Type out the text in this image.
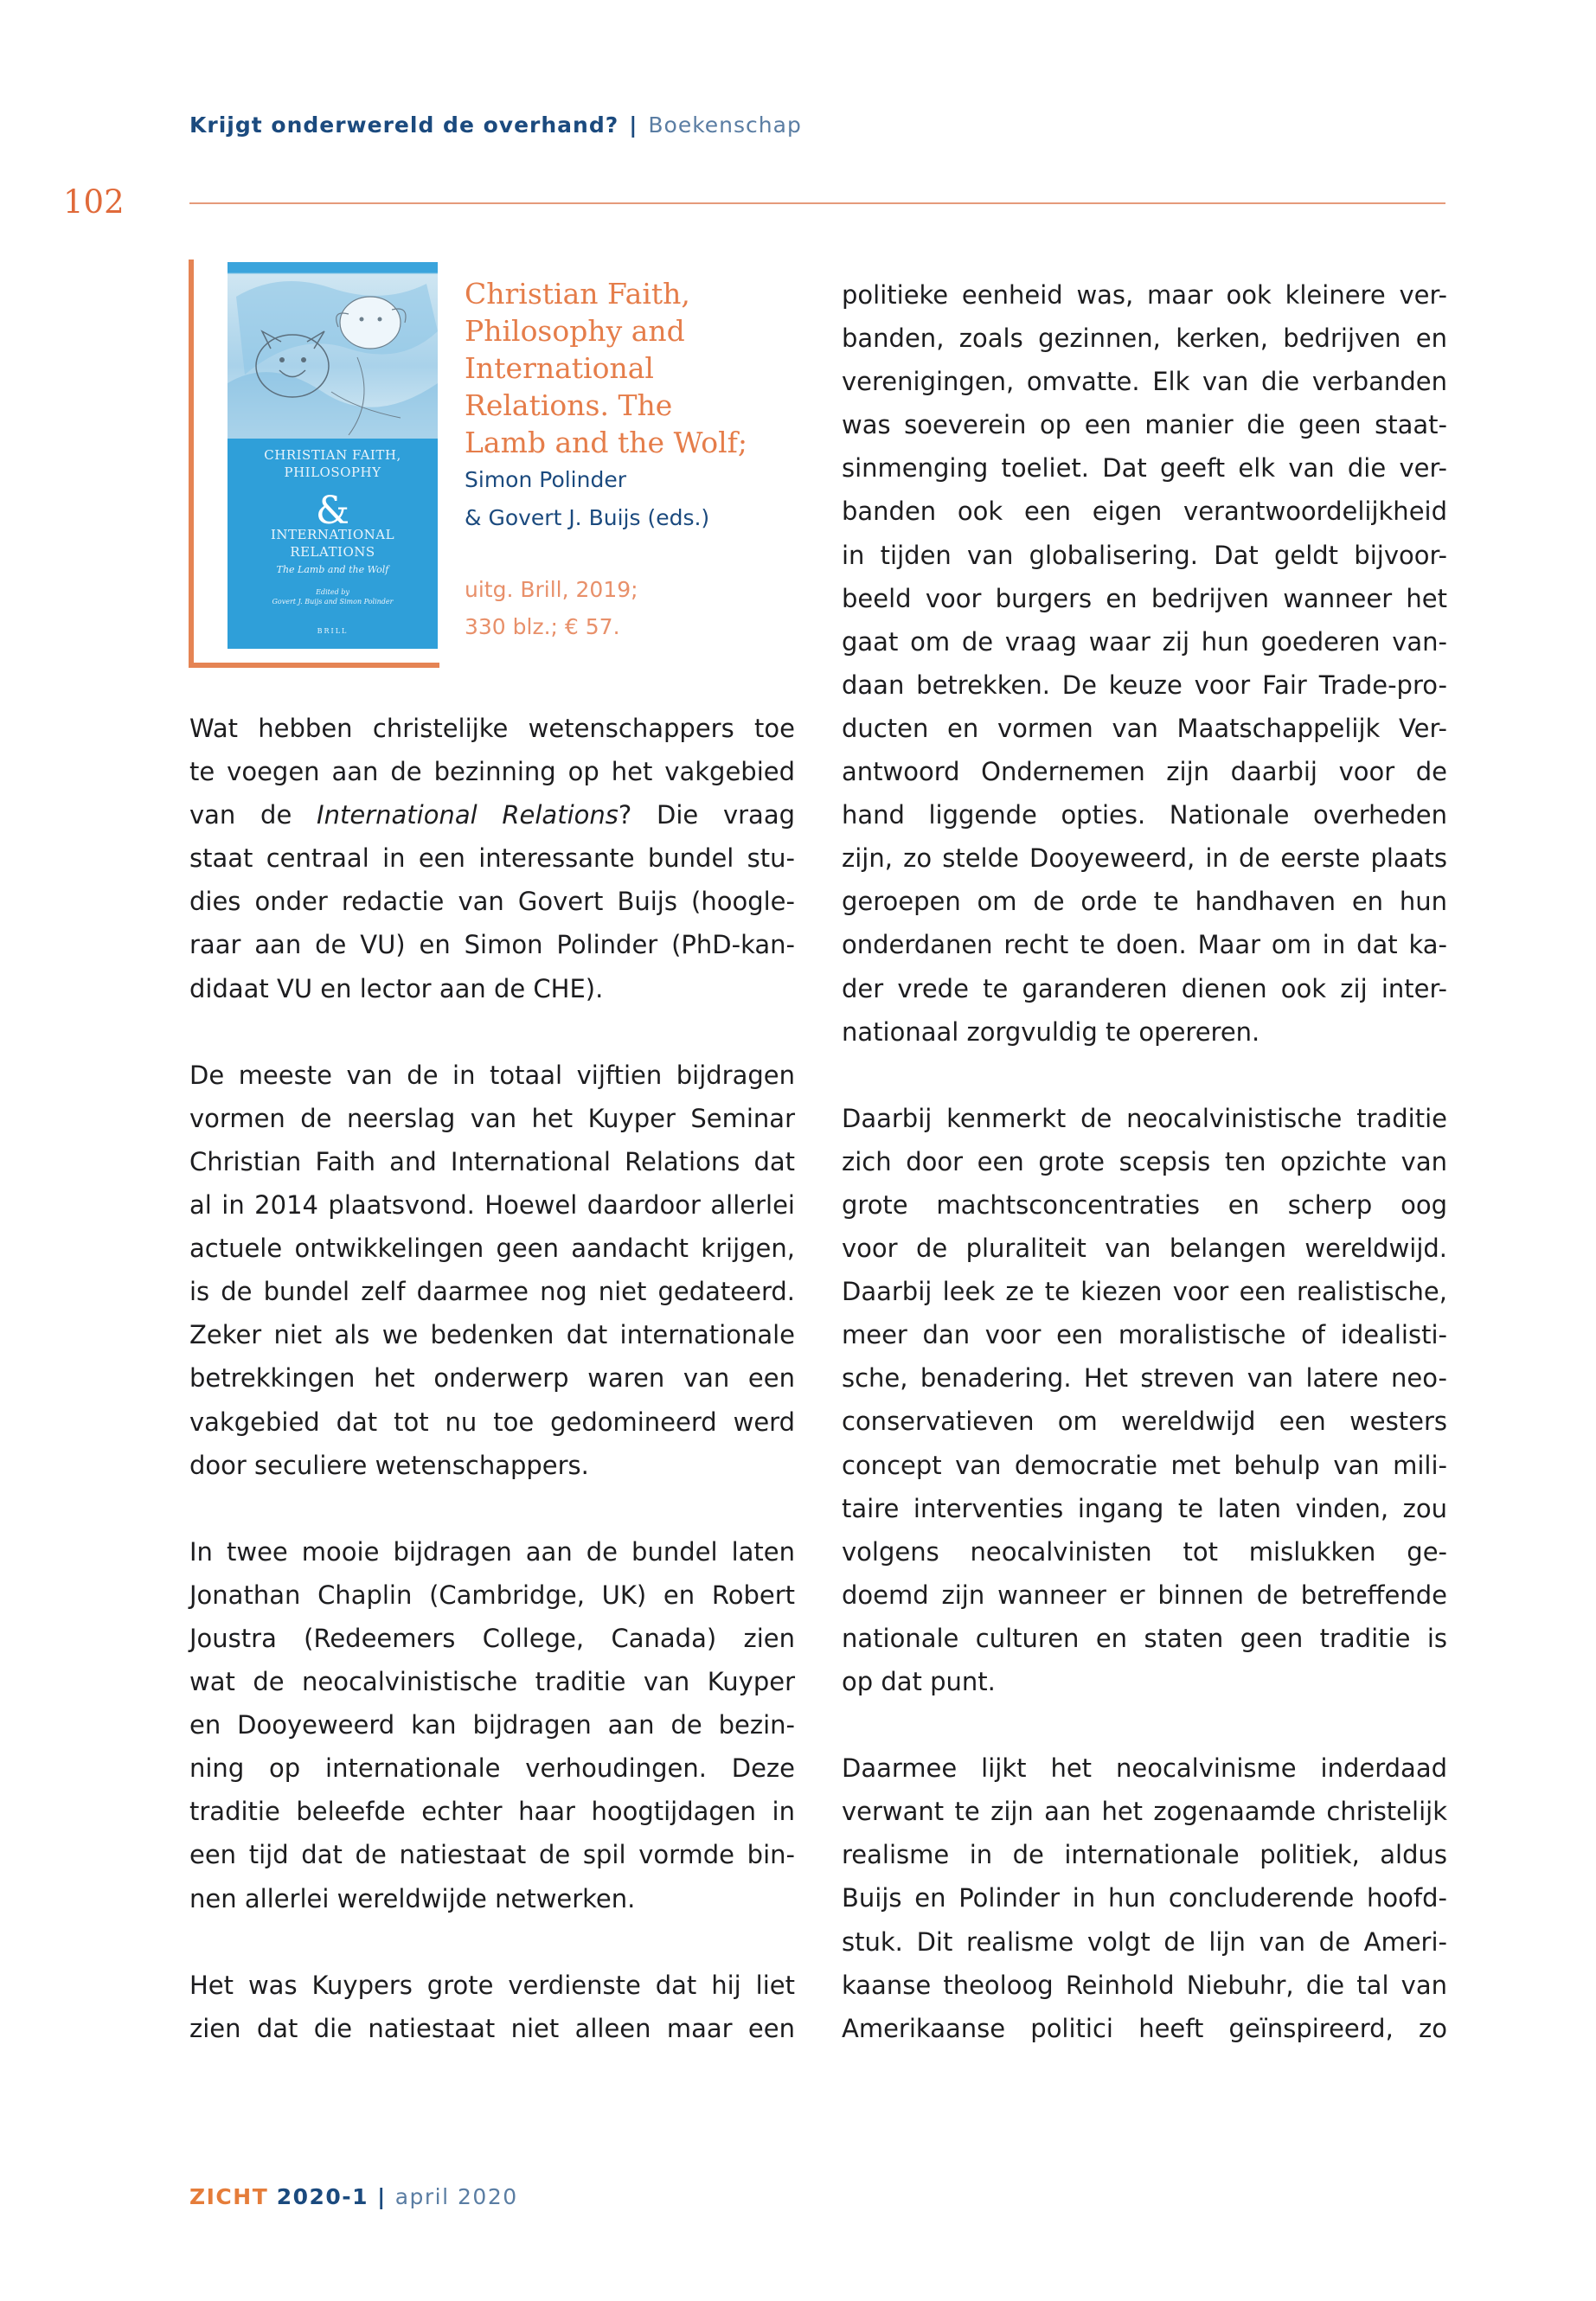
Krijgt onderwereld de overhand? | Boekenschap
102
CHRISTIAN FAITH,
PHILOSOPHY
&
INTERNATIONAL
RELATIONS
The Lamb and the Wolf
Edited by
Govert J. Buijs and Simon Polinder
BRILL
Christian Faith,
Philosophy and
International
Relations. The
Lamb and the Wolf;
Simon Polinder
& Govert J. Buijs (eds.)
uitg. Brill, 2019;
330 blz.; € 57.
Wat hebben christelijke wetenschappers toe
te voegen aan de bezinning op het vakgebied
van de International Relations? Die vraag
staat centraal in een interessante bundel stu-
dies onder redactie van Govert Buijs (hoogle-
raar aan de VU) en Simon Polinder (PhD-kan-
didaat VU en lector aan de CHE).
De meeste van de in totaal vijftien bijdragen
vormen de neerslag van het Kuyper Seminar
Christian Faith and International Relations dat
al in 2014 plaatsvond. Hoewel daardoor allerlei
actuele ontwikkelingen geen aandacht krijgen,
is de bundel zelf daarmee nog niet gedateerd.
Zeker niet als we bedenken dat internationale
betrekkingen het onderwerp waren van een
vakgebied dat tot nu toe gedomineerd werd
door seculiere wetenschappers.
In twee mooie bijdragen aan de bundel laten
Jonathan Chaplin (Cambridge, UK) en Robert
Joustra (Redeemers College, Canada) zien
wat de neocalvinistische traditie van Kuyper
en Dooyeweerd kan bijdragen aan de bezin-
ning op internationale verhoudingen. Deze
traditie beleefde echter haar hoogtijdagen in
een tijd dat de natiestaat de spil vormde bin-
nen allerlei wereldwijde netwerken.
Het was Kuypers grote verdienste dat hij liet
zien dat die natiestaat niet alleen maar een
politieke eenheid was, maar ook kleinere ver-
banden, zoals gezinnen, kerken, bedrijven en
verenigingen, omvatte. Elk van die verbanden
was soeverein op een manier die geen staat-
sinmenging toeliet. Dat geeft elk van die ver-
banden ook een eigen verantwoordelijkheid
in tijden van globalisering. Dat geldt bijvoor-
beeld voor burgers en bedrijven wanneer het
gaat om de vraag waar zij hun goederen van-
daan betrekken. De keuze voor Fair Trade-pro-
ducten en vormen van Maatschappelijk Ver-
antwoord Ondernemen zijn daarbij voor de
hand liggende opties. Nationale overheden
zijn, zo stelde Dooyeweerd, in de eerste plaats
geroepen om de orde te handhaven en hun
onderdanen recht te doen. Maar om in dat ka-
der vrede te garanderen dienen ook zij inter-
nationaal zorgvuldig te opereren.
Daarbij kenmerkt de neocalvinistische traditie
zich door een grote scepsis ten opzichte van
grote machtsconcentraties en scherp oog
voor de pluraliteit van belangen wereldwijd.
Daarbij leek ze te kiezen voor een realistische,
meer dan voor een moralistische of idealisti-
sche, benadering. Het streven van latere neo-
conservatieven om wereldwijd een westers
concept van democratie met behulp van mili-
taire interventies ingang te laten vinden, zou
volgens neocalvinisten tot mislukken ge-
doemd zijn wanneer er binnen de betreffende
nationale culturen en staten geen traditie is
op dat punt.
Daarmee lijkt het neocalvinisme inderdaad
verwant te zijn aan het zogenaamde christelijk
realisme in de internationale politiek, aldus
Buijs en Polinder in hun concluderende hoofd-
stuk. Dit realisme volgt de lijn van de Ameri-
kaanse theoloog Reinhold Niebuhr, die tal van
Amerikaanse politici heeft geïnspireerd, zo
ZICHT 2020-1 | april 2020
